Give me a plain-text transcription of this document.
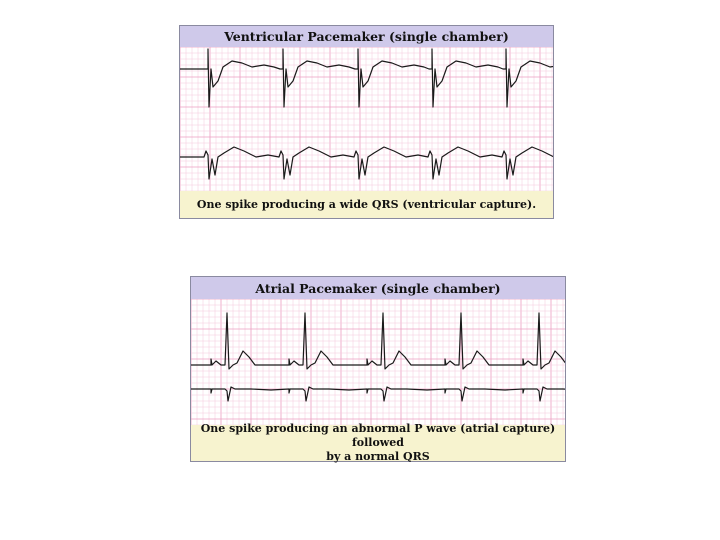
Ventricular Pacemaker (single chamber)
One spike producing a wide QRS (ventricular capture).
Atrial Pacemaker (single chamber)
One spike producing an abnormal P wave (atrial capture) followed
by a normal QRS
